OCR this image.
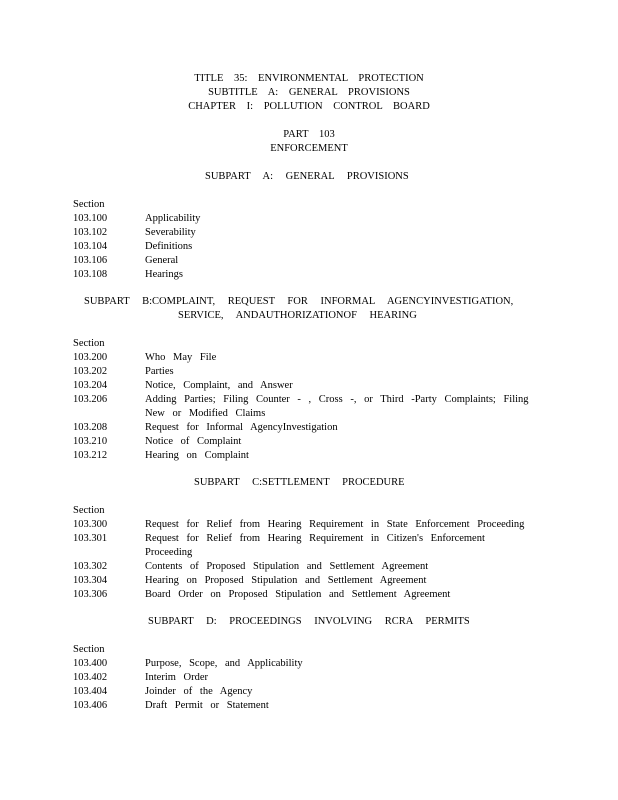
TITLE 35: ENVIRONMENTAL PROTECTION
SUBTITLE A: GENERAL PROVISIONS
CHAPTER I: POLLUTION CONTROL BOARD
PART 103
ENFORCEMENT
SUBPART A: GENERAL PROVISIONS
Section
103.100	Applicability
103.102	Severability
103.104	Definitions
103.106	General
103.108	Hearings
SUBPART B:COMPLAINT, REQUEST FOR INFORMAL AGENCYINVESTIGATION,
SERVICE, ANDAUTHORIZATIONOF HEARING
Section
103.200	Who May File
103.202	Parties
103.204	Notice, Complaint, and Answer
103.206	Adding Parties; Filing Counter - , Cross -, or Third -Party Complaints; Filing New or Modified Claims
103.208	Request for Informal AgencyInvestigation
103.210	Notice of Complaint
103.212	Hearing on Complaint
SUBPART C:SETTLEMENT PROCEDURE
Section
103.300	Request for Relief from Hearing Requirement in State Enforcement Proceeding
103.301	Request for Relief from Hearing Requirement in Citizen's Enforcement Proceeding
103.302	Contents of Proposed Stipulation and Settlement Agreement
103.304	Hearing on Proposed Stipulation and Settlement Agreement
103.306	Board Order on Proposed Stipulation and Settlement Agreement
SUBPART D: PROCEEDINGS INVOLVING RCRA PERMITS
Section
103.400	Purpose, Scope, and Applicability
103.402	Interim Order
103.404	Joinder of the Agency
103.406	Draft Permit or Statement
